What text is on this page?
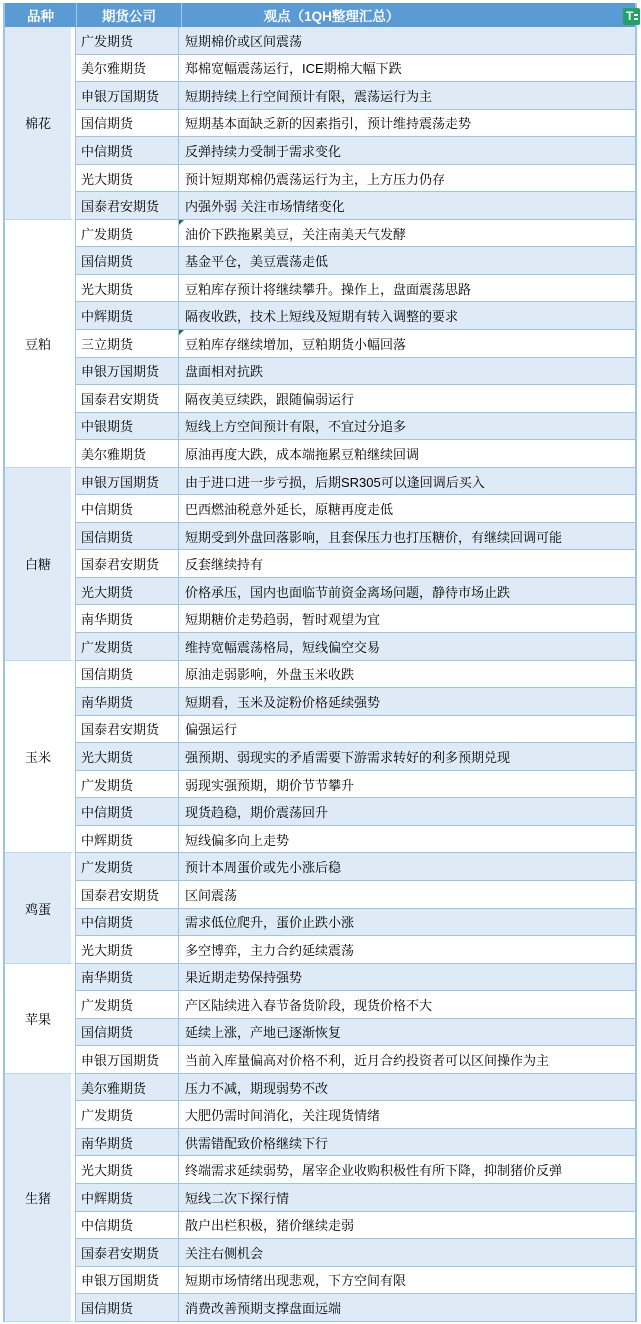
品种	期货公司	观点（1QH整理汇总）
棉花
广发期货	短期棉价或区间震荡
美尔雅期货	郑棉宽幅震荡运行，ICE期棉大幅下跌
申银万国期货	短期持续上行空间预计有限，震荡运行为主
国信期货	短期基本面缺乏新的因素指引，预计维持震荡走势
中信期货	反弹持续力受制于需求变化
光大期货	预计短期郑棉仍震荡运行为主，上方压力仍存
国泰君安期货	内强外弱 关注市场情绪变化
豆粕
广发期货	油价下跌拖累美豆，关注南美天气发酵
国信期货	基金平仓，美豆震荡走低
光大期货	豆粕库存预计将继续攀升。操作上，盘面震荡思路
中辉期货	隔夜收跌，技术上短线及短期有转入调整的要求
三立期货	豆粕库存继续增加，豆粕期货小幅回落
申银万国期货	盘面相对抗跌
国泰君安期货	隔夜美豆续跌，跟随偏弱运行
中银期货	短线上方空间预计有限，不宜过分追多
美尔雅期货	原油再度大跌，成本端拖累豆粕继续回调
白糖
申银万国期货	由于进口进一步亏损，后期SR305可以逢回调后买入
中信期货	巴西燃油税意外延长，原糖再度走低
国信期货	短期受到外盘回落影响，且套保压力也打压糖价，有继续回调可能
国泰君安期货	反套继续持有
光大期货	价格承压，国内也面临节前资金离场问题，静待市场止跌
南华期货	短期糖价走势趋弱，暂时观望为宜
广发期货	维持宽幅震荡格局，短线偏空交易
玉米
国信期货	原油走弱影响，外盘玉米收跌
南华期货	短期看，玉米及淀粉价格延续强势
国泰君安期货	偏强运行
光大期货	强预期、弱现实的矛盾需要下游需求转好的利多预期兑现
广发期货	弱现实强预期，期价节节攀升
中信期货	现货趋稳，期价震荡回升
中辉期货	短线偏多向上走势
鸡蛋
广发期货	预计本周蛋价或先小涨后稳
国泰君安期货	区间震荡
中信期货	需求低位爬升，蛋价止跌小涨
光大期货	多空博弈，主力合约延续震荡
苹果
南华期货	果近期走势保持强势
广发期货	产区陆续进入春节备货阶段，现货价格不大
国信期货	延续上涨，产地已逐渐恢复
申银万国期货	当前入库量偏高对价格不利，近月合约投资者可以区间操作为主
生猪
美尔雅期货	压力不减，期现弱势不改
广发期货	大肥仍需时间消化，关注现货情绪
南华期货	供需错配致价格继续下行
光大期货	终端需求延续弱势，屠宰企业收购积极性有所下降，抑制猪价反弹
中辉期货	短线二次下探行情
中信期货	散户出栏积极，猪价继续走弱
国泰君安期货	关注右侧机会
申银万国期货	短期市场情绪出现悲观，下方空间有限
国信期货	消费改善预期支撑盘面远端
T
